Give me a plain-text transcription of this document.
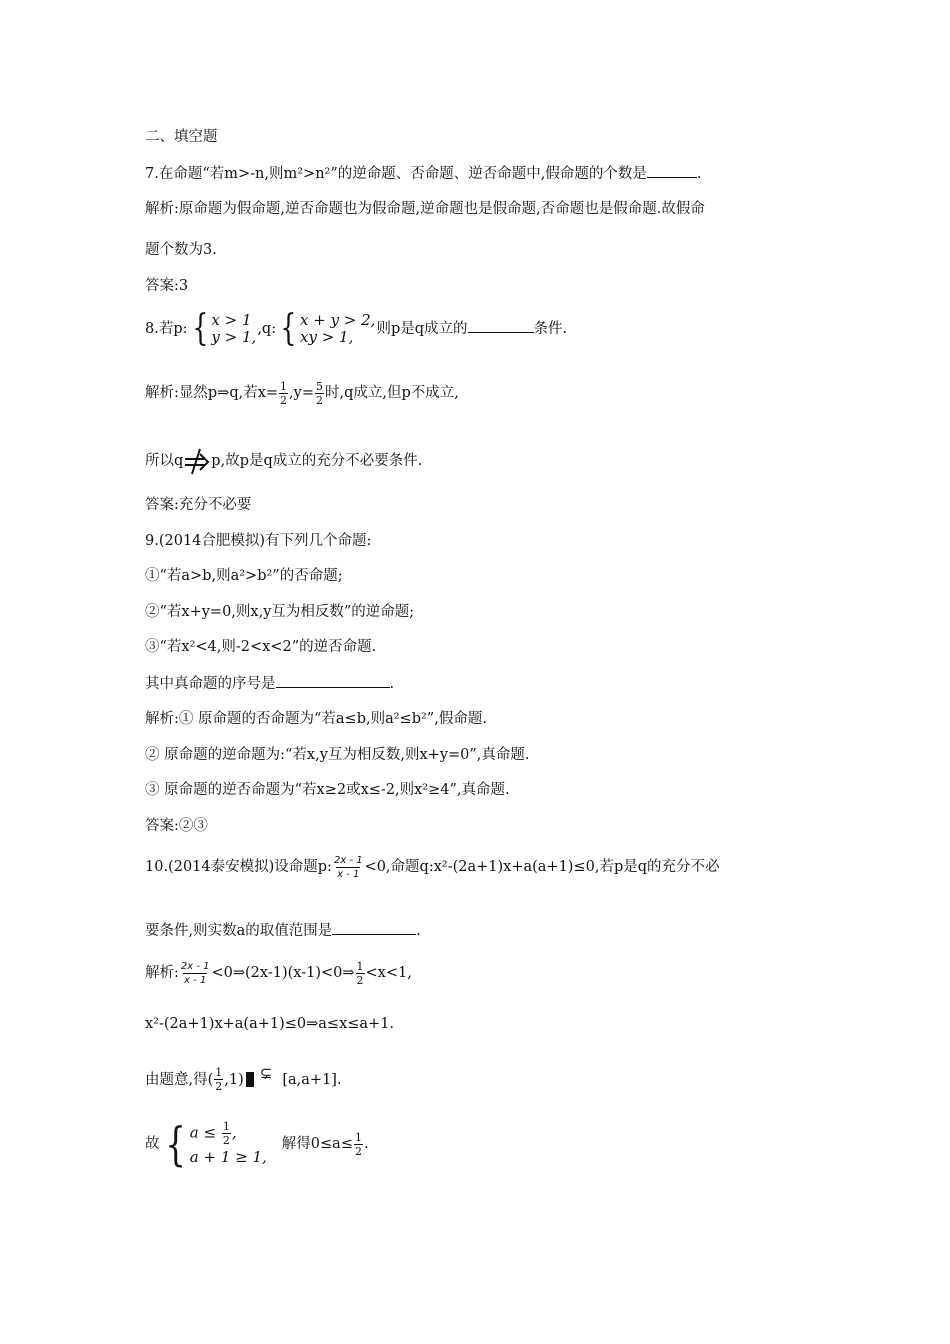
二、填空题
7.在命题“若m>-n,则m²>n²”的逆命题、否命题、逆否命题中,假命题的个数是	.
解析:原命题为假命题,逆否命题也为假命题,逆命题也是假命题,否命题也是假命题.故假命
题个数为3.
答案:3
8.若p: { x > 1
y > 1, ,q: { x + y > 2,
xy > 1,	则p是q成立的	条件.
解析:显然p⇒q,若$x= \frac{1}{2} ,y= \frac{5}{2}$ 时,q成立,但p不成立,
所以q p,故p是q成立的充分不必要条件.
答案:充分不必要
9.(2014合肥模拟)有下列几个命题:
①“若a>b,则a²>b²”的否命题;
②“若x+y=0,则x,y互为相反数”的逆命题;
③“若x²<4,则-2<x<2”的逆否命题.
其中真命题的序号是	.
解析:① 原命题的否命题为“若a≤b,则a²≤b²”,假命题.
② 原命题的逆命题为:“若x,y互为相反数,则x+y=0”,真命题.
③ 原命题的逆否命题为“若x≥2或x≤-2,则x²≥4”,真命题.
答案:②③
10.(2014泰安模拟)设命题p: $\frac{2x - 1}{x - 1} <0$,命题q:x²-(2a+1)x+a(a+1)≤0,若p是q的充分不必
要条件,则实数a的取值范围是	.
解析: $\frac{2x - 1}{x - 1}$ <0⇒(2x-1)(x-1)<0⇒ $\frac{1}{2} <x<1$,
x²-(2a+1)x+a(a+1)≤0⇒a≤x≤a+1.
由题意,得( $\frac{1}{2} ,1$) ⊊ [a,a+1].
故 { $a \le \frac{1}{2}$ ,
a + 1 ≥ 1,
解得$0\le a\le \frac{1}{2}$ .
